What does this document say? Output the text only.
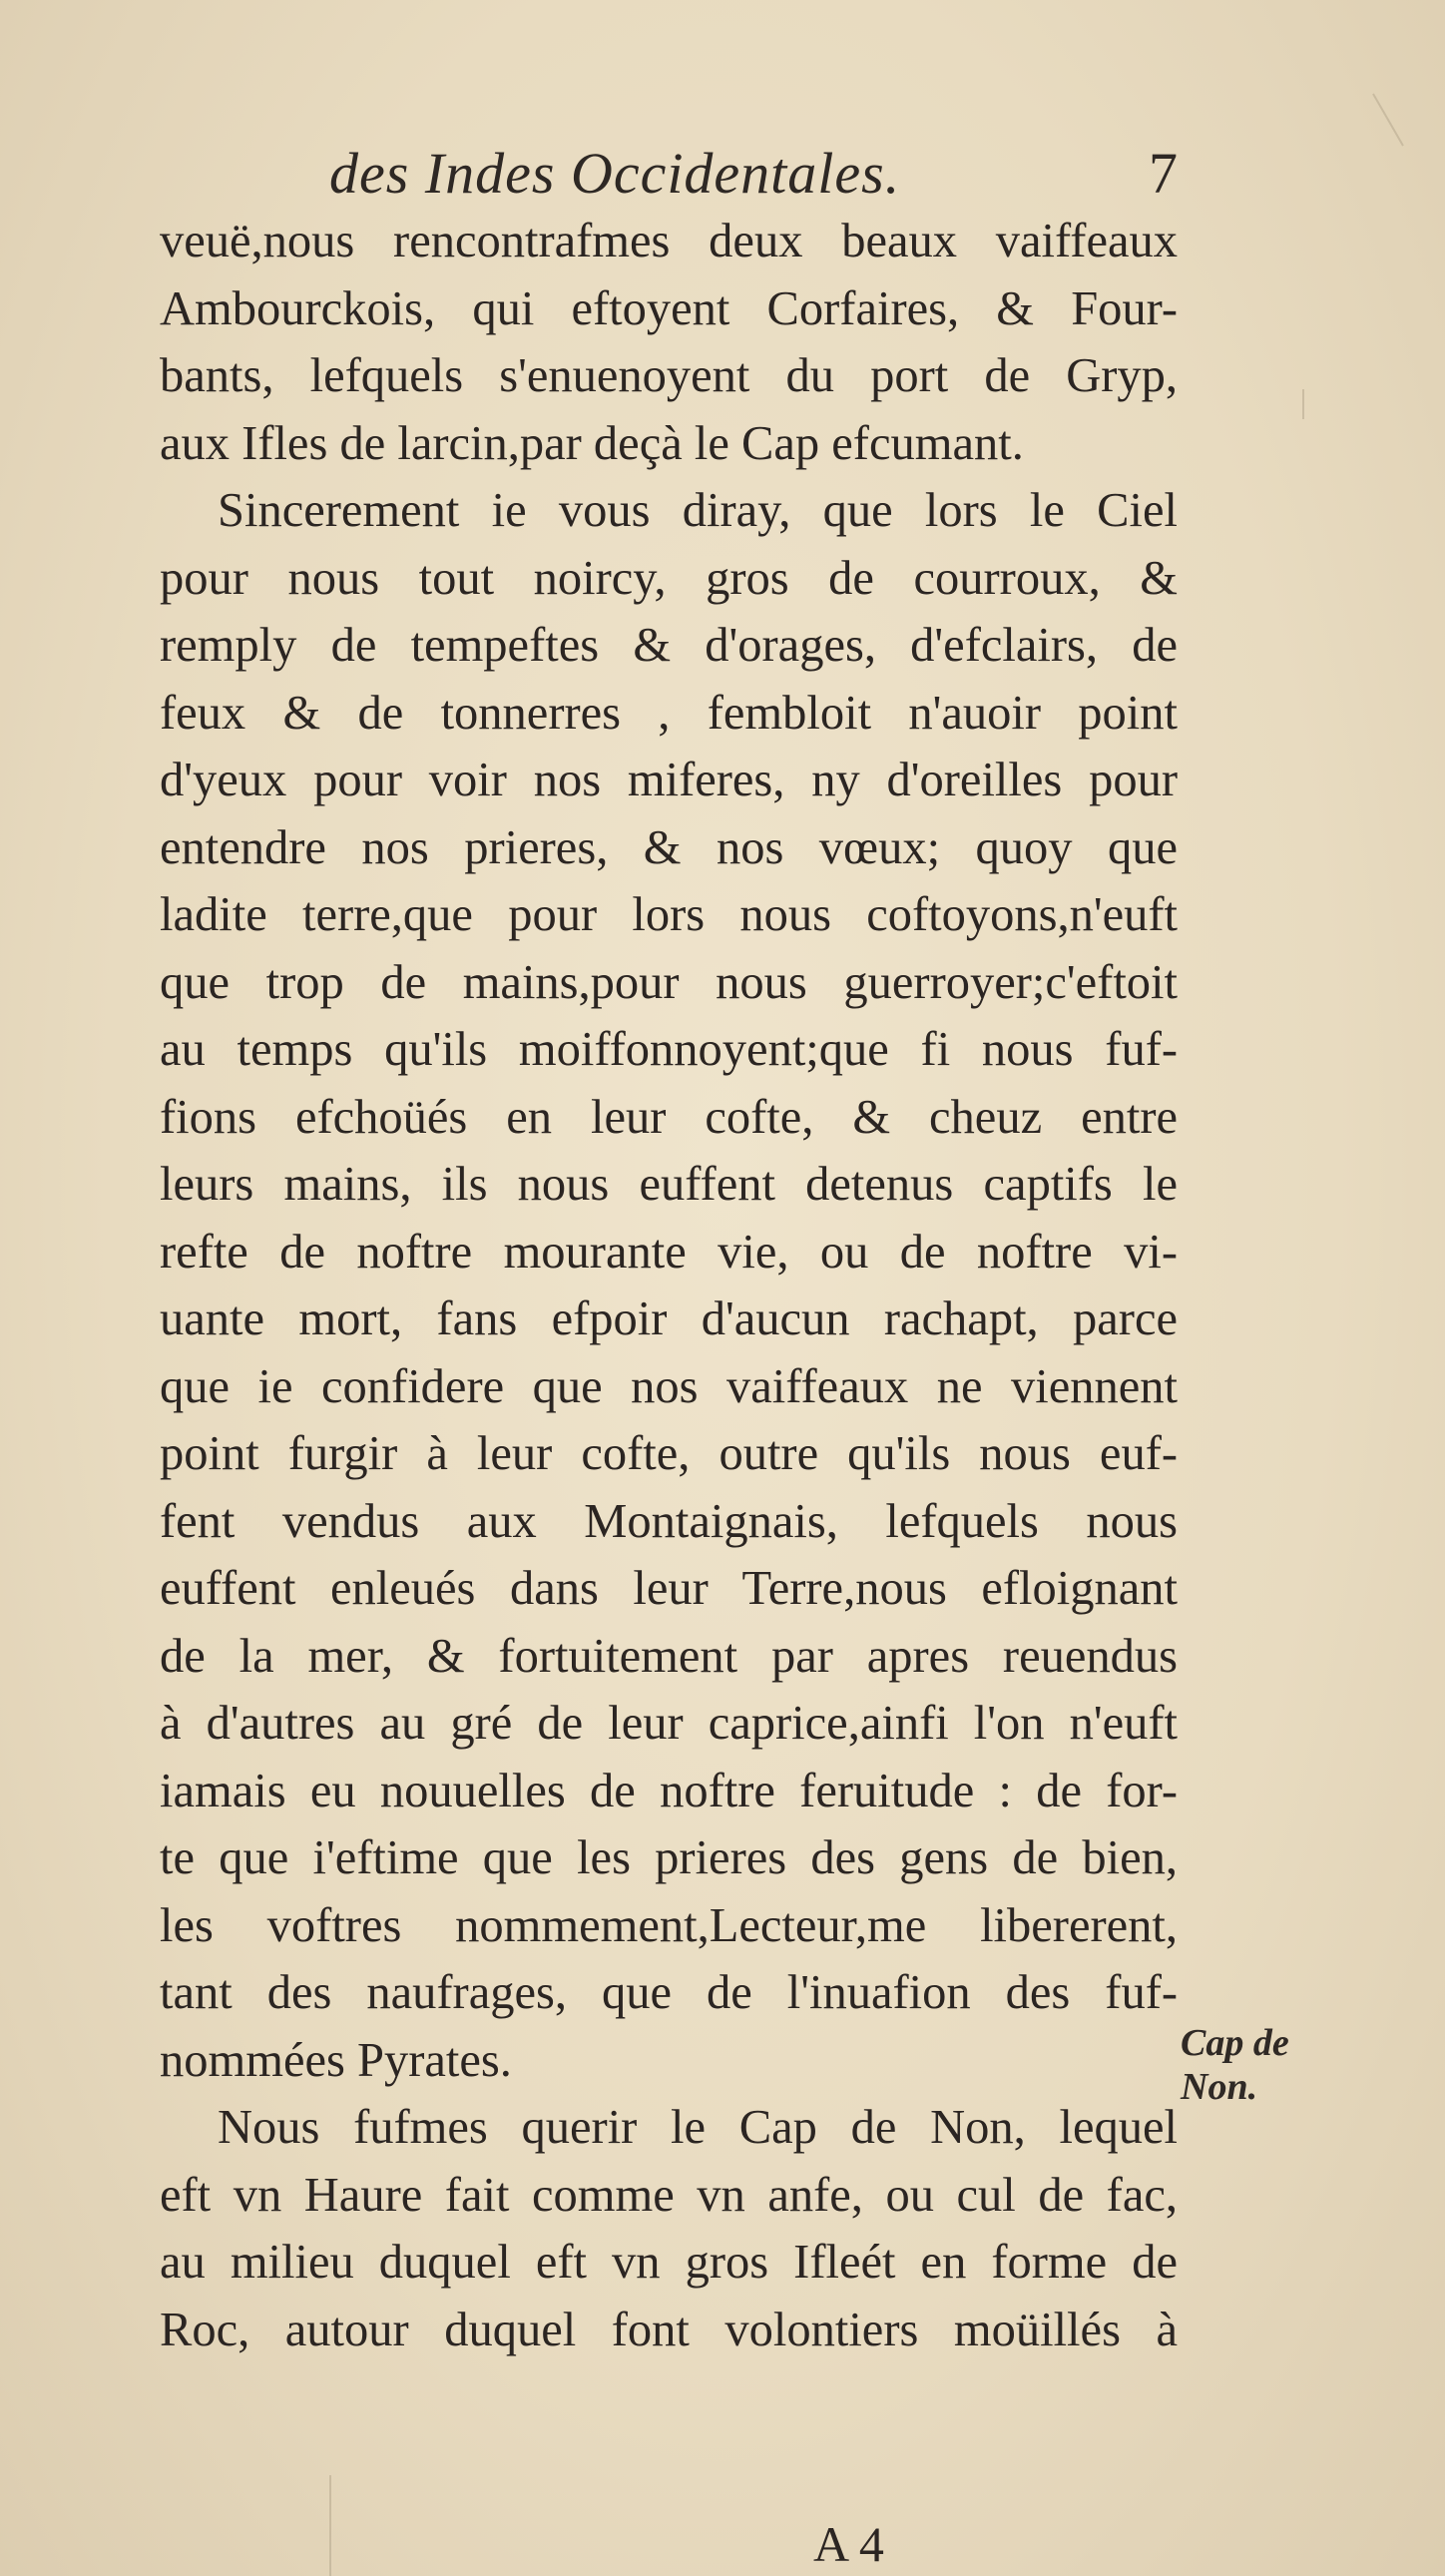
des Indes Occidentales.	7
veuë,nous rencontrafmes deux beaux vaiffeaux
Ambourckois, qui eftoyent Corfaires, & Four-
bants, lefquels s'enuenoyent du port de Gryp,
aux Ifles de larcin,par deçà le Cap efcumant.
Sincerement ie vous diray, que lors le Ciel
pour nous tout noircy, gros de courroux, &
remply de tempeftes & d'orages, d'efclairs, de
feux & de tonnerres , fembloit n'auoir point
d'yeux pour voir nos miferes, ny d'oreilles pour
entendre nos prieres, & nos vœux; quoy que
ladite terre,que pour lors nous coftoyons,n'euft
que trop de mains,pour nous guerroyer;c'eftoit
au temps qu'ils moiffonnoyent;que fi nous fuf-
fions efchoüés en leur cofte, & cheuz entre
leurs mains, ils nous euffent detenus captifs le
refte de noftre mourante vie, ou de noftre vi-
uante mort, fans efpoir d'aucun rachapt, parce
que ie confidere que nos vaiffeaux ne viennent
point furgir à leur cofte, outre qu'ils nous euf-
fent vendus aux Montaignais, lefquels nous
euffent enleués dans leur Terre,nous efloignant
de la mer, & fortuitement par apres reuendus
à d'autres au gré de leur caprice,ainfi l'on n'euft
iamais eu nouuelles de noftre feruitude : de for-
te que i'eftime que les prieres des gens de bien,
les voftres nommement,Lecteur,me libererent,
tant des naufrages, que de l'inuafion des fuf-
nommées Pyrates.
Nous fufmes querir le Cap de Non, lequel
eft vn Haure fait comme vn anfe, ou cul de fac,
au milieu duquel eft vn gros Ifleét en forme de
Roc, autour duquel font volontiers moüillés à
Cap de Non.
A 4
